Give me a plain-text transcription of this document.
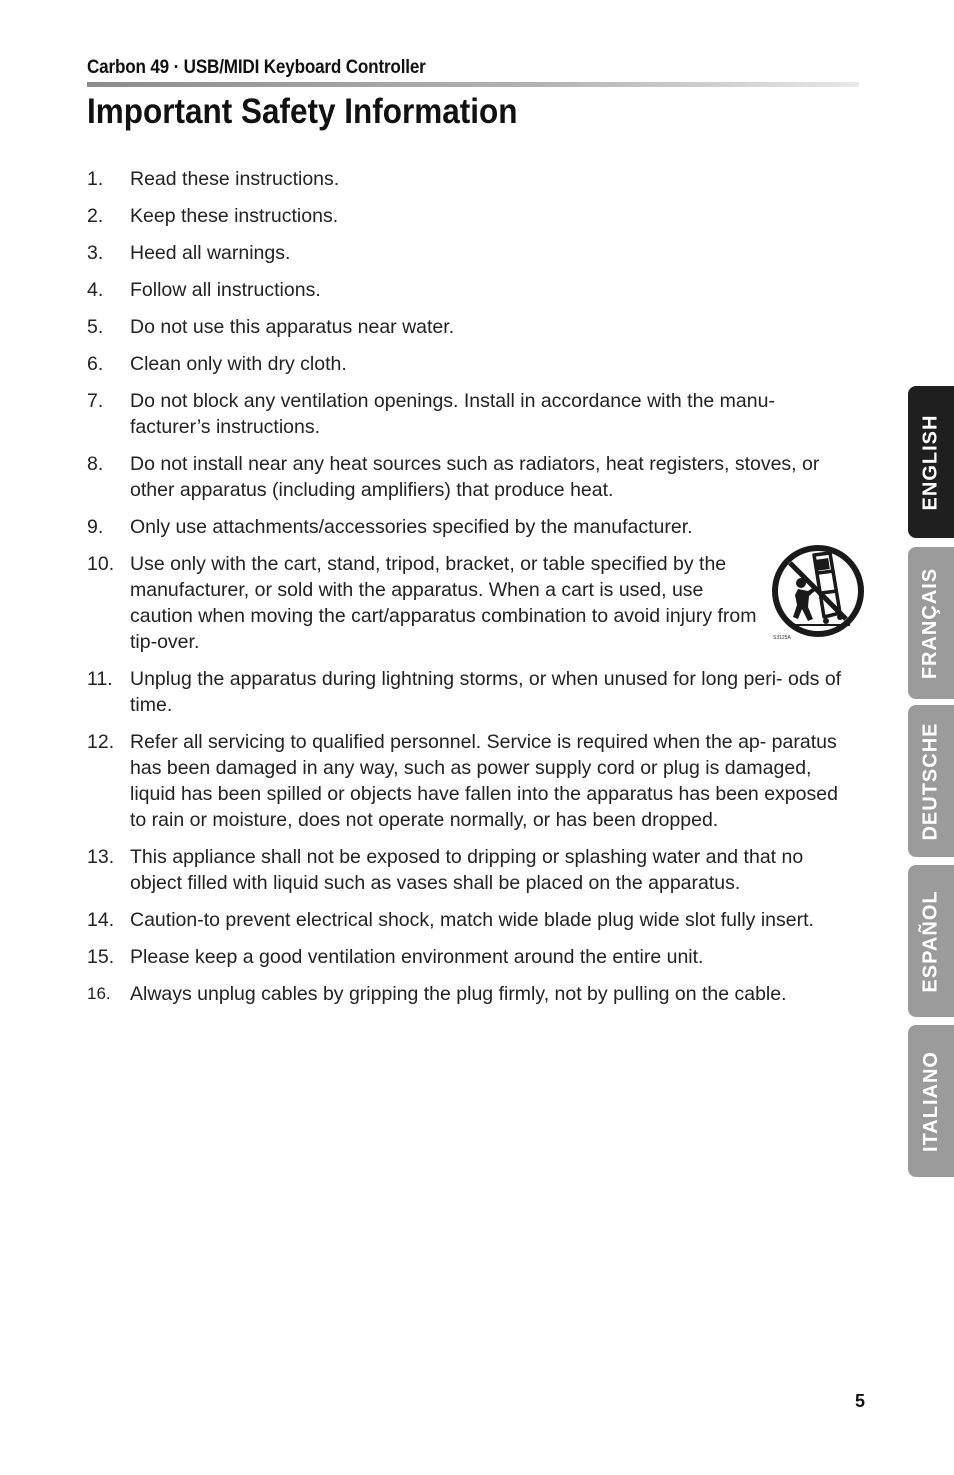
Carbon 49 · USB/MIDI Keyboard Controller
Important Safety Information
1.	Read these instructions.
2.	Keep these instructions.
3.	Heed all warnings.
4.	Follow all instructions.
5.	Do not use this apparatus near water.
6.	Clean only with dry cloth.
7.	Do not block any ventilation openings. Install in accordance with the manu- facturer’s instructions.
8.	Do not install near any heat sources such as radiators, heat registers, stoves, or other apparatus (including amplifiers) that produce heat.
9.	Only use attachments/accessories specified by the manufacturer.
10. Use only with the cart, stand, tripod, bracket, or table specified by the manufacturer, or sold with the apparatus. When a cart is used, use caution when moving the cart/apparatus combination to avoid injury from tip-over.
11. Unplug the apparatus during lightning storms, or when unused for long peri- ods of time.
12. Refer all servicing to qualified personnel. Service is required when the ap- paratus has been damaged in any way, such as power supply cord or plug is damaged, liquid has been spilled or objects have fallen into the apparatus has been exposed to rain or moisture, does not operate normally, or has been dropped.
13. This appliance shall not be exposed to dripping or splashing water and that no object filled with liquid such as vases shall be placed on the apparatus.
14. Caution-to prevent electrical shock, match wide blade plug wide slot fully insert.
15. Please keep a good ventilation environment around the entire unit.
16. Always unplug cables by gripping the plug firmly, not by pulling on the cable.
S3125A
ENGLISH
FRANÇAIS
DEUTSCHE
ESPAÑOL
ITALIANO
5
